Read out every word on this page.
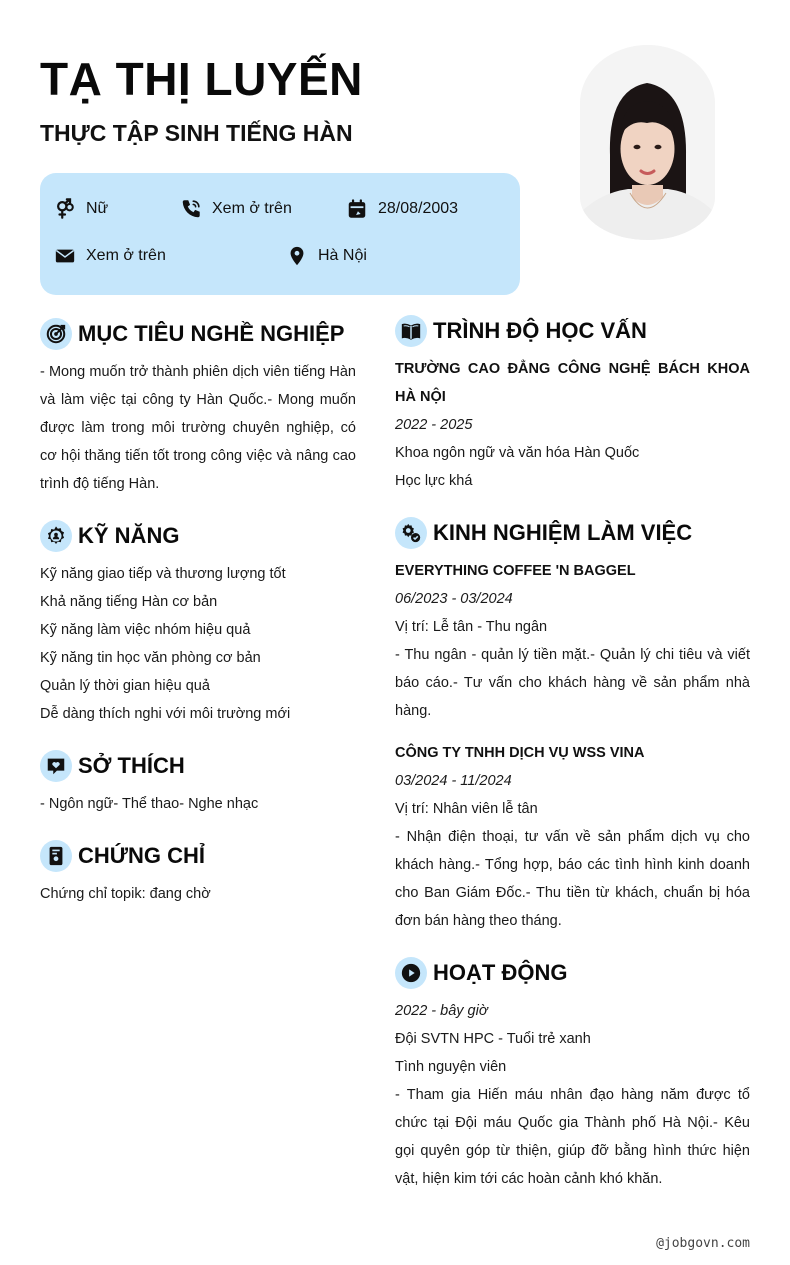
TẠ THỊ LUYẾN
THỰC TẬP SINH TIẾNG HÀN
Nữ	Xem ở trên	28/08/2003
Xem ở trên	Hà Nội
MỤC TIÊU NGHỀ NGHIỆP
- Mong muốn trở thành phiên dịch viên tiếng Hàn và làm việc tại công ty Hàn Quốc.- Mong muốn được làm trong môi trường chuyên nghiệp, có cơ hội thăng tiến tốt trong công việc và nâng cao trình độ tiếng Hàn.
KỸ NĂNG
Kỹ năng giao tiếp và thương lượng tốt
Khả năng tiếng Hàn cơ bản
Kỹ năng làm việc nhóm hiệu quả
Kỹ năng tin học văn phòng cơ bản
Quản lý thời gian hiệu quả
Dễ dàng thích nghi với môi trường mới
SỞ THÍCH
- Ngôn ngữ- Thể thao- Nghe nhạc
CHỨNG CHỈ
Chứng chỉ topik: đang chờ
TRÌNH ĐỘ HỌC VẤN
TRƯỜNG CAO ĐẲNG CÔNG NGHỆ BÁCH KHOA HÀ NỘI
2022 - 2025
Khoa ngôn ngữ và văn hóa Hàn Quốc
Học lực khá
KINH NGHIỆM LÀM VIỆC
EVERYTHING COFFEE 'N BAGGEL
06/2023 - 03/2024
Vị trí: Lễ tân - Thu ngân
- Thu ngân - quản lý tiền mặt.- Quản lý chi tiêu và viết báo cáo.- Tư vấn cho khách hàng về sản phẩm nhà hàng.
CÔNG TY TNHH DỊCH VỤ WSS VINA
03/2024 - 11/2024
Vị trí: Nhân viên lễ tân
- Nhận điện thoại, tư vấn về sản phẩm dịch vụ cho khách hàng.- Tổng hợp, báo các tình hình kinh doanh cho Ban Giám Đốc.- Thu tiền từ khách, chuẩn bị hóa đơn bán hàng theo tháng.
HOẠT ĐỘNG
2022 - bây giờ
Đội SVTN HPC - Tuổi trẻ xanh
Tình nguyện viên
- Tham gia Hiến máu nhân đạo hàng năm được tổ chức tại Đội máu Quốc gia Thành phố Hà Nội.- Kêu gọi quyên góp từ thiện, giúp đỡ bằng hình thức hiện vật, hiện kim tới các hoàn cảnh khó khăn.
@jobgovn.com
